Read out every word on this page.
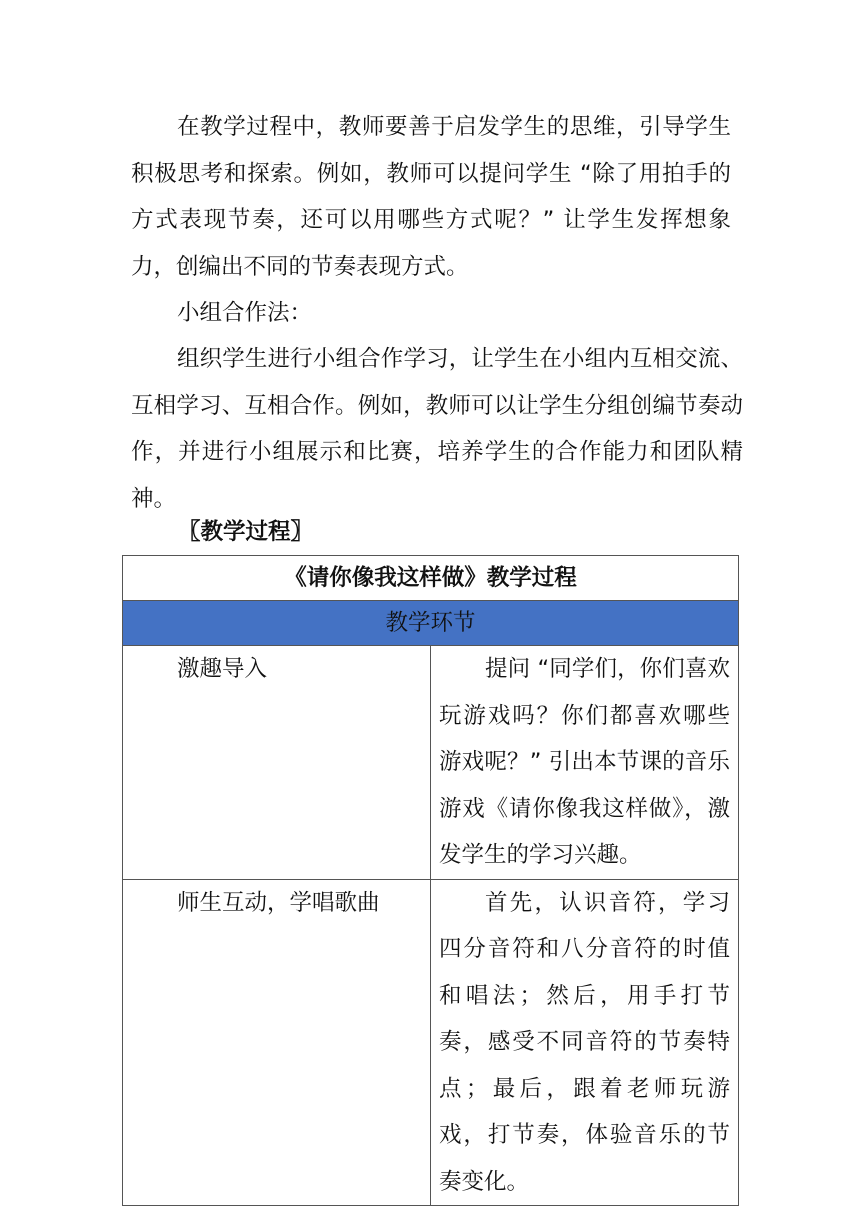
在教学过程中，教师要善于启发学生的思维，引导学生积极思考和探索。例如，教师可以提问学生 “除了用拍手的方式表现节奏，还可以用哪些方式呢？” 让学生发挥想象力，创编出不同的节奏表现方式。
小组合作法：
组织学生进行小组合作学习，让学生在小组内互相交流、互相学习、互相合作。例如，教师可以让学生分组创编节奏动作，并进行小组展示和比赛，培养学生的合作能力和团队精神。
〖教学过程〗
《请你像我这样做》教学过程	
教学环节	

激趣导入	提问 “同学们，你们喜欢玩游戏吗？你们都喜欢哪些游戏呢？” 引出本节课的音乐游戏《请你像我这样做》，激发学生的学习兴趣。

师生互动，学唱歌曲	首先，认识音符，学习四分音符和八分音符的时值和唱法；然后，用手打节奏，感受不同音符的节奏特点；最后，跟着老师玩游戏，打节奏，体验音乐的节奏变化。
